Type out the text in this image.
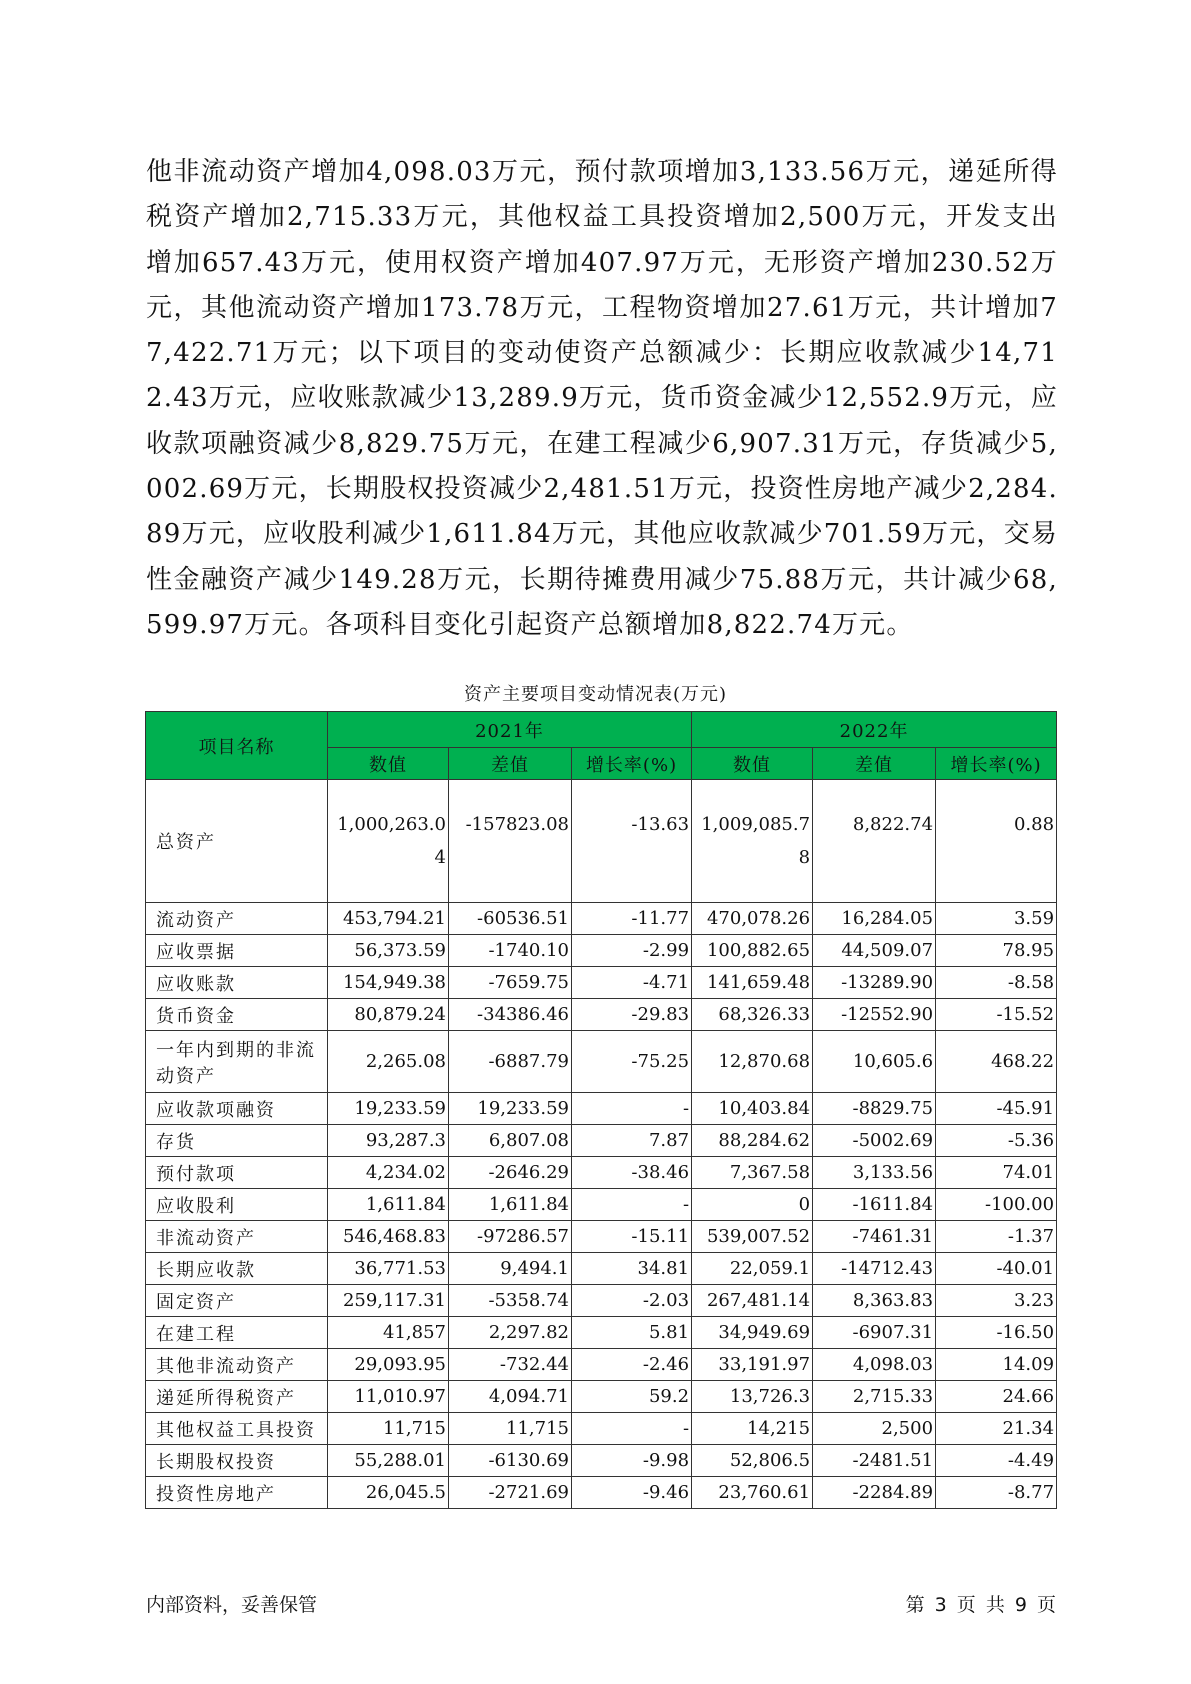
他非流动资产增加4,098.03万元，预付款项增加3,133.56万元，递延所得税资产增加2,715.33万元，其他权益工具投资增加2,500万元，开发支出增加657.43万元，使用权资产增加407.97万元，无形资产增加230.52万元，其他流动资产增加173.78万元，工程物资增加27.61万元，共计增加77,422.71万元；以下项目的变动使资产总额减少：长期应收款减少14,712.43万元，应收账款减少13,289.9万元，货币资金减少12,552.9万元，应收款项融资减少8,829.75万元，在建工程减少6,907.31万元，存货减少5,002.69万元，长期股权投资减少2,481.51万元，投资性房地产减少2,284.89万元，应收股利减少1,611.84万元，其他应收款减少701.59万元，交易性金融资产减少149.28万元，长期待摊费用减少75.88万元，共计减少68,599.97万元。各项科目变化引起资产总额增加8,822.74万元。
资产主要项目变动情况表(万元)
项目名称	2021年			2022年		
	数值	差值	增长率(%)	数值	差值	增长率(%)
总资产	1,000,263.04	-157823.08	-13.63	1,009,085.78	8,822.74	0.88
流动资产	453,794.21	-60536.51	-11.77	470,078.26	16,284.05	3.59
应收票据	56,373.59	-1740.10	-2.99	100,882.65	44,509.07	78.95
应收账款	154,949.38	-7659.75	-4.71	141,659.48	-13289.90	-8.58
货币资金	80,879.24	-34386.46	-29.83	68,326.33	-12552.90	-15.52
一年内到期的非流动资产	2,265.08	-6887.79	-75.25	12,870.68	10,605.6	468.22
应收款项融资	19,233.59	19,233.59	-	10,403.84	-8829.75	-45.91
存货	93,287.3	6,807.08	7.87	88,284.62	-5002.69	-5.36
预付款项	4,234.02	-2646.29	-38.46	7,367.58	3,133.56	74.01
应收股利	1,611.84	1,611.84	-	0	-1611.84	-100.00
非流动资产	546,468.83	-97286.57	-15.11	539,007.52	-7461.31	-1.37
长期应收款	36,771.53	9,494.1	34.81	22,059.1	-14712.43	-40.01
固定资产	259,117.31	-5358.74	-2.03	267,481.14	8,363.83	3.23
在建工程	41,857	2,297.82	5.81	34,949.69	-6907.31	-16.50
其他非流动资产	29,093.95	-732.44	-2.46	33,191.97	4,098.03	14.09
递延所得税资产	11,010.97	4,094.71	59.2	13,726.3	2,715.33	24.66
其他权益工具投资	11,715	11,715	-	14,215	2,500	21.34
长期股权投资	55,288.01	-6130.69	-9.98	52,806.5	-2481.51	-4.49
投资性房地产	26,045.5	-2721.69	-9.46	23,760.61	-2284.89	-8.77
内部资料，妥善保管	第 3 页 共 9 页
